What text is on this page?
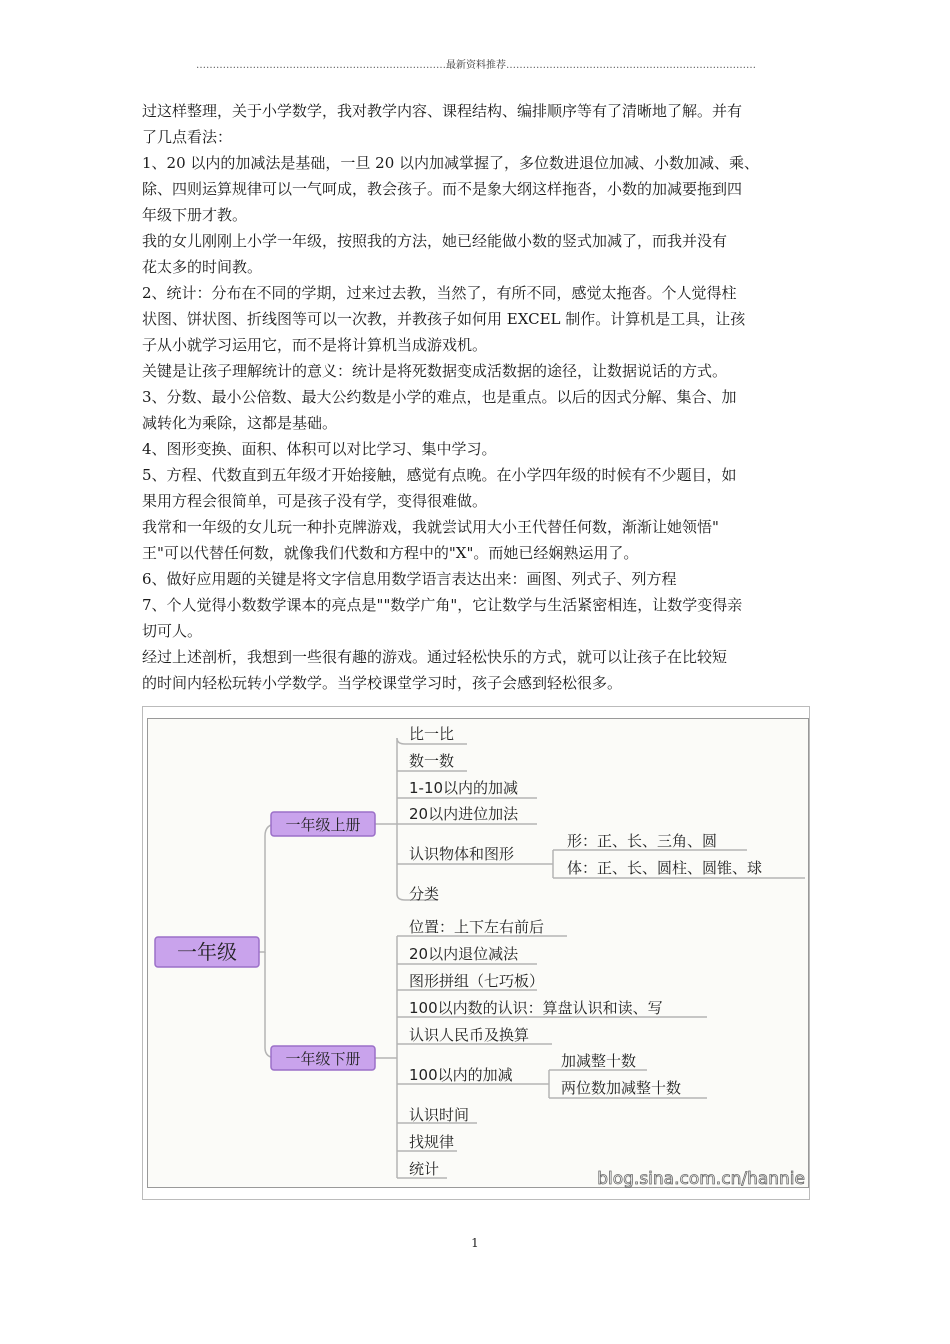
…………………………………………………………………最新资料推荐…………………………………………………………………
过这样整理，关于小学数学，我对教学内容、课程结构、编排顺序等有了清晰地了解。并有
了几点看法：
1、20 以内的加减法是基础，一旦 20 以内加减掌握了，多位数进退位加减、小数加减、乘、
除、四则运算规律可以一气呵成，教会孩子。而不是象大纲这样拖沓，小数的加减要拖到四
年级下册才教。
我的女儿刚刚上小学一年级，按照我的方法，她已经能做小数的竖式加减了，而我并没有
花太多的时间教。
2、统计：分布在不同的学期，过来过去教，当然了，有所不同，感觉太拖沓。个人觉得柱
状图、饼状图、折线图等可以一次教，并教孩子如何用 EXCEL 制作。计算机是工具，让孩
子从小就学习运用它，而不是将计算机当成游戏机。
关键是让孩子理解统计的意义：统计是将死数据变成活数据的途径，让数据说话的方式。
3、分数、最小公倍数、最大公约数是小学的难点，也是重点。以后的因式分解、集合、加
减转化为乘除，这都是基础。
4、图形变换、面积、体积可以对比学习、集中学习。
5、方程、代数直到五年级才开始接触，感觉有点晚。在小学四年级的时候有不少题目，如
果用方程会很简单，可是孩子没有学，变得很难做。
我常和一年级的女儿玩一种扑克牌游戏，我就尝试用大小王代替任何数，渐渐让她领悟"
王"可以代替任何数，就像我们代数和方程中的"X"。而她已经娴熟运用了。
6、做好应用题的关键是将文字信息用数学语言表达出来：画图、列式子、列方程
7、个人觉得小数数学课本的亮点是""数学广角"，它让数学与生活紧密相连，让数学变得亲
切可人。
经过上述剖析，我想到一些很有趣的游戏。通过轻松快乐的方式，就可以让孩子在比较短
的时间内轻松玩转小学数学。当学校课堂学习时，孩子会感到轻松很多。
一年级
一年级上册
一年级下册
比一比
数一数
1-10以内的加减
20以内进位加法
认识物体和图形
分类
形：正、长、三角、圆
体：正、长、圆柱、圆锥、球
位置：上下左右前后
20以内退位减法
图形拼组（七巧板）
100以内数的认识：算盘认识和读、写
认识人民币及换算
100以内的加减
认识时间
找规律
统计
加减整十数
两位数加减整十数
blog.sina.com.cn/hannie
1
